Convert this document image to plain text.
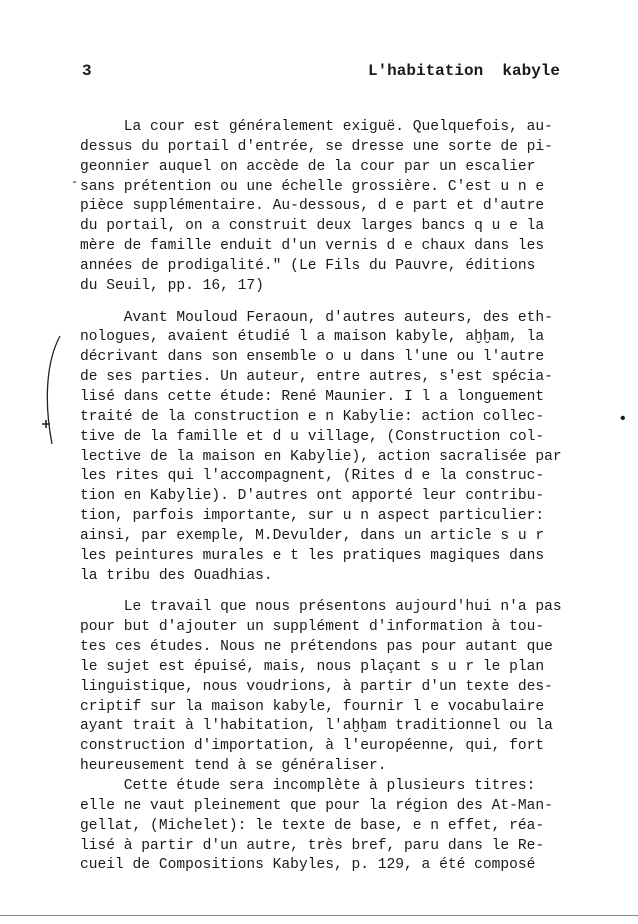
3	L'habitation  kabyle
-
•
La cour est généralement exiguë. Quelquefois, au-
dessus du portail d'entrée, se dresse une sorte de pi-
geonnier auquel on accède de la cour par un escalier
sans prétention ou une échelle grossière. C'est u n e
pièce supplémentaire. Au-dessous, d e part et d'autre
du portail, on a construit deux larges bancs q u e la
mère de famille enduit d'un vernis d e chaux dans les
années de prodigalité." (Le Fils du Pauvre, éditions
du Seuil, pp. 16, 17)
Avant Mouloud Feraoun, d'autres auteurs, des eth-
nologues, avaient étudié l a maison kabyle, aḫḫam, la
décrivant dans son ensemble o u dans l'une ou l'autre
de ses parties. Un auteur, entre autres, s'est spécia-
lisé dans cette étude: René Maunier. I l a longuement
traité de la construction e n Kabylie: action collec-
tive de la famille et d u village, (Construction col-
lective de la maison en Kabylie), action sacralisée par
les rites qui l'accompagnent, (Rites d e la construc-
tion en Kabylie). D'autres ont apporté leur contribu-
tion, parfois importante, sur u n aspect particulier:
ainsi, par exemple, M.Devulder, dans un article s u r
les peintures murales e t les pratiques magiques dans
la tribu des Ouadhias.
Le travail que nous présentons aujourd'hui n'a pas
pour but d'ajouter un supplément d'information à tou-
tes ces études. Nous ne prétendons pas pour autant que
le sujet est épuisé, mais, nous plaçant s u r le plan
linguistique, nous voudrions, à partir d'un texte des-
criptif sur la maison kabyle, fournir l e vocabulaire
ayant trait à l'habitation, l'aḫḫam traditionnel ou la
construction d'importation, à l'européenne, qui, fort
heureusement tend à se généraliser.
Cette étude sera incomplète à plusieurs titres:
elle ne vaut pleinement que pour la région des At-Man-
gellat, (Michelet): le texte de base, e n effet, réa-
lisé à partir d'un autre, très bref, paru dans le Re-
cueil de Compositions Kabyles, p. 129, a été composé
